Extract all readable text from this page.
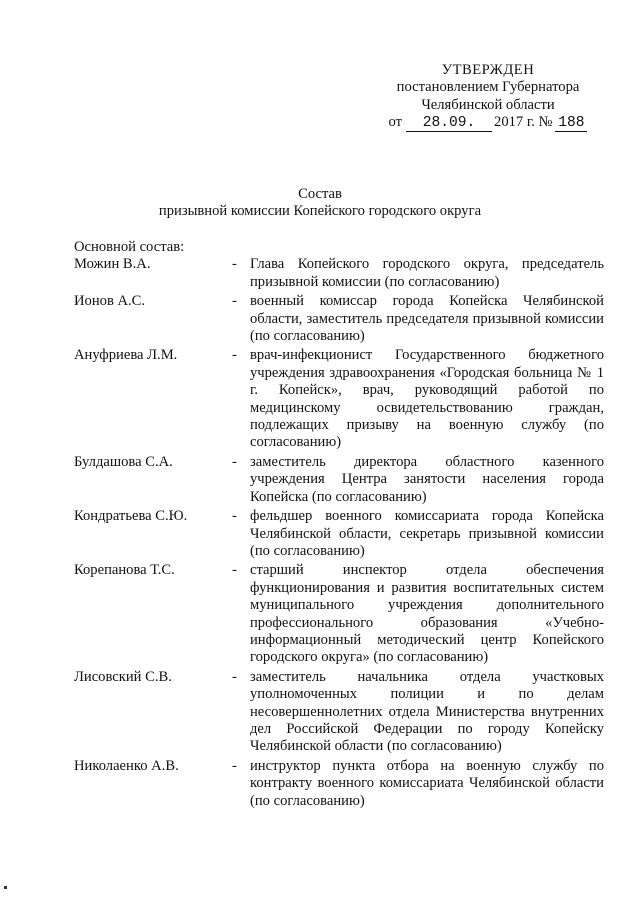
УТВЕРЖДЕН
постановлением Губернатора
Челябинской области
от 28.09. 2017 г. № 188
Состав
призывной комиссии Копейского городского округа
Основной состав:
Можин В.А.	- Глава Копейского городского округа, председатель призывной комиссии (по согласованию)
Ионов А.С.	- военный комиссар города Копейска Челябинской области, заместитель председателя призывной комиссии (по согласованию)
Ануфриева Л.М.	- врач-инфекционист Государственного бюджетного учреждения здравоохранения «Городская больница № 1 г. Копейск», врач, руководящий работой по медицинскому освидетельствованию граждан, подлежащих призыву на военную службу (по согласованию)
Булдашова С.А.	- заместитель директора областного казенного учреждения Центра занятости населения города Копейска (по согласованию)
Кондратьева С.Ю.	- фельдшер военного комиссариата города Копейска Челябинской области, секретарь призывной комиссии (по согласованию)
Корепанова Т.С.	- старший инспектор отдела обеспечения функционирования и развития воспитательных систем муниципального учреждения дополнительного профессионального образования «Учебно-информационный методический центр Копейского городского округа» (по согласованию)
Лисовский С.В.	- заместитель начальника отдела участковых уполномоченных полиции и по делам несовершеннолетних отдела Министерства внутренних дел Российской Федерации по городу Копейску Челябинской области (по согласованию)
Николаенко А.В.	- инструктор пункта отбора на военную службу по контракту военного комиссариата Челябинской области (по согласованию)
